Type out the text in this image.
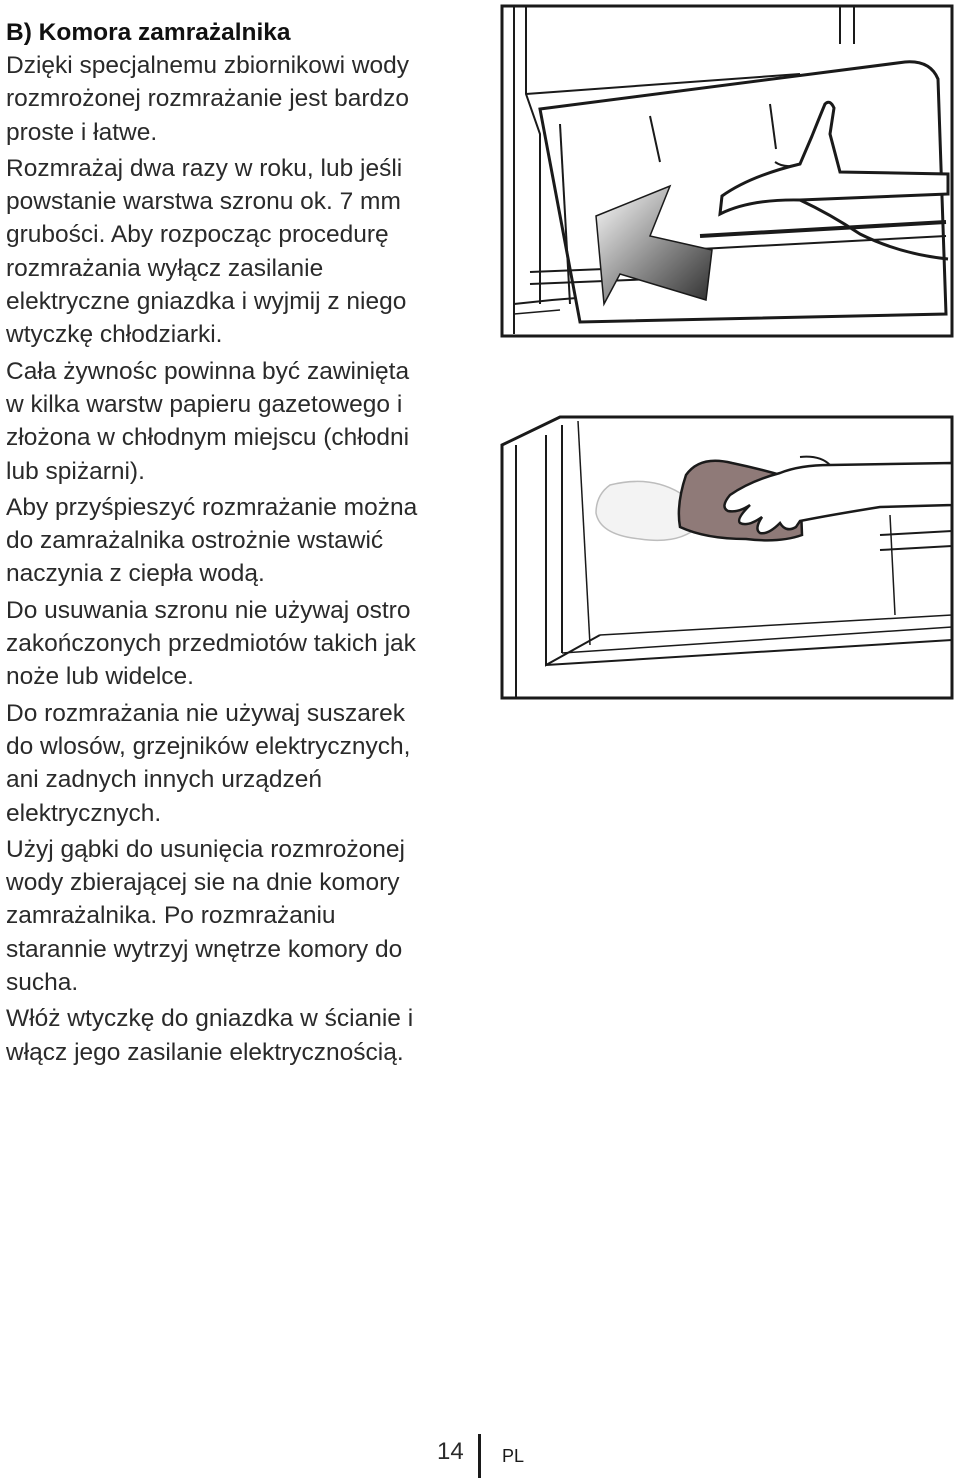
B) Komora zamrażalnika

Dzięki specjalnemu zbiornikowi wody
rozmrożonej rozmrażanie jest bardzo
proste i łatwe.

Rozmrażaj dwa razy w roku, lub jeśli
powstanie warstwa szronu ok. 7 mm
grubości. Aby rozpocząc procedurę
rozmrażania wyłącz zasilanie
elektryczne gniazdka i wyjmij z niego
wtyczkę chłodziarki.

Cała żywnośc powinna być zawinięta
w kilka warstw papieru gazetowego i
złożona w chłodnym miejscu (chłodni
lub spiżarni).

Aby przyśpieszyć rozmrażanie można
do zamrażalnika ostrożnie wstawić
naczynia z ciepła wodą.

Do usuwania szronu nie używaj ostro
zakończonych przedmiotów takich jak
noże lub widelce.

Do rozmrażania nie używaj suszarek
do wlosów, grzejników elektrycznych,
ani zadnych innych urządzeń
elektrycznych.

Użyj gąbki do usunięcia rozmrożonej
wody zbierającej sie na dnie komory
zamrażalnika. Po rozmrażaniu
starannie wytrzyj wnętrze komory do
sucha.

Włóż wtyczkę do gniazdka w ścianie i
włącz jego zasilanie elektrycznością.

14 PL
